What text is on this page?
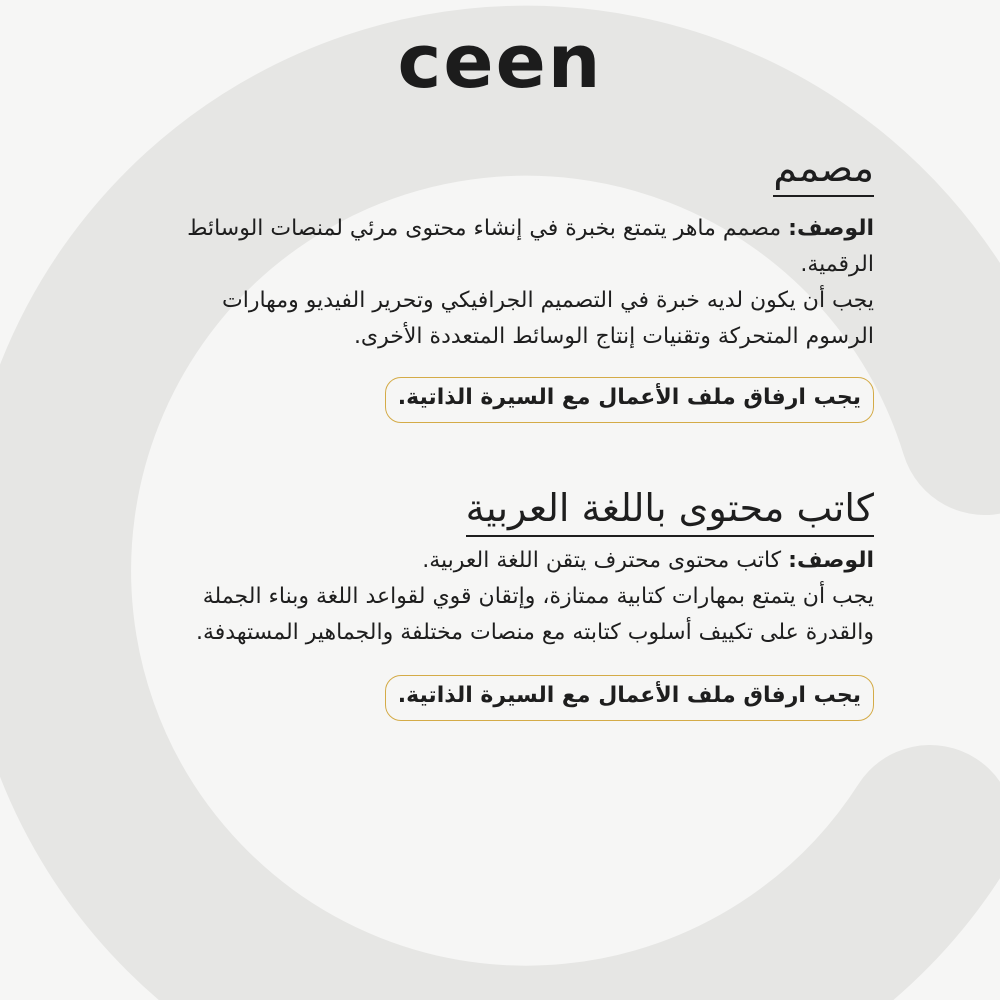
ceen
مصمم

الوصف: مصمم ماهر يتمتع بخبرة في إنشاء محتوى مرئي لمنصات الوسائط الرقمية.

يجب أن يكون لديه خبرة في التصميم الجرافيكي وتحرير الفيديو ومهارات الرسوم المتحركة وتقنيات إنتاج الوسائط المتعددة الأخرى.

يجب ارفاق ملف الأعمال مع السيرة الذاتية.
كاتب محتوى باللغة العربية

الوصف: كاتب محتوى محترف يتقن اللغة العربية.

يجب أن يتمتع بمهارات كتابية ممتازة، وإتقان قوي لقواعد اللغة وبناء الجملة والقدرة على تكييف أسلوب كتابته مع منصات مختلفة والجماهير المستهدفة.

يجب ارفاق ملف الأعمال مع السيرة الذاتية.
